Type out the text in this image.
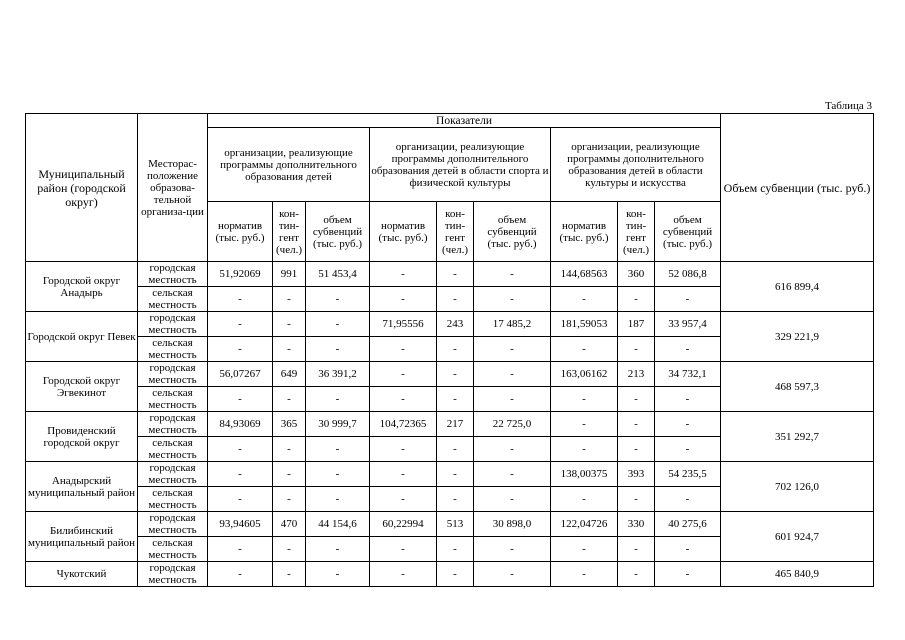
Таблица 3
Муниципальный район (городской округ)	Месторас-положение образова-тельной организа-ции	Показатели									Объем субвенции (тыс. руб.)
		организации, реализующие программы дополнительного образования детей			организации, реализующие программы дополнительного образования детей в области спорта и физической культуры			организации, реализующие программы дополнительного образования детей в области культуры и искусства			
		норматив (тыс. руб.)	кон-тин-гент (чел.)	объем субвенций (тыс. руб.)	норматив (тыс. руб.)	кон-тин-гент (чел.)	объем субвенций (тыс. руб.)	норматив (тыс. руб.)	кон-тин-гент (чел.)	объем субвенций (тыс. руб.)	
Городской округ Анадырь	городская местность	51,92069	991	51 453,4	-	-	-	144,68563	360	52 086,8	616 899,4
	сельская местность	-	-	-	-	-	-	-	-	-	
Городской округ Певек	городская местность	-	-	-	71,95556	243	17 485,2	181,59053	187	33 957,4	329 221,9
	сельская местность	-	-	-	-	-	-	-	-	-	
Городской округ Эгвекинот	городская местность	56,07267	649	36 391,2	-	-	-	163,06162	213	34 732,1	468 597,3
	сельская местность	-	-	-	-	-	-	-	-	-	
Провиденский городской округ	городская местность	84,93069	365	30 999,7	104,72365	217	22 725,0	-	-	-	351 292,7
	сельская местность	-	-	-	-	-	-	-	-	-	
Анадырский муниципальный район	городская местность	-	-	-	-	-	-	138,00375	393	54 235,5	702 126,0
	сельская местность	-	-	-	-	-	-	-	-	-	
Билибинский муниципальный район	городская местность	93,94605	470	44 154,6	60,22994	513	30 898,0	122,04726	330	40 275,6	601 924,7
	сельская местность	-	-	-	-	-	-	-	-	-	
Чукотский	городская местность	-	-	-	-	-	-	-	-	-	465 840,9
